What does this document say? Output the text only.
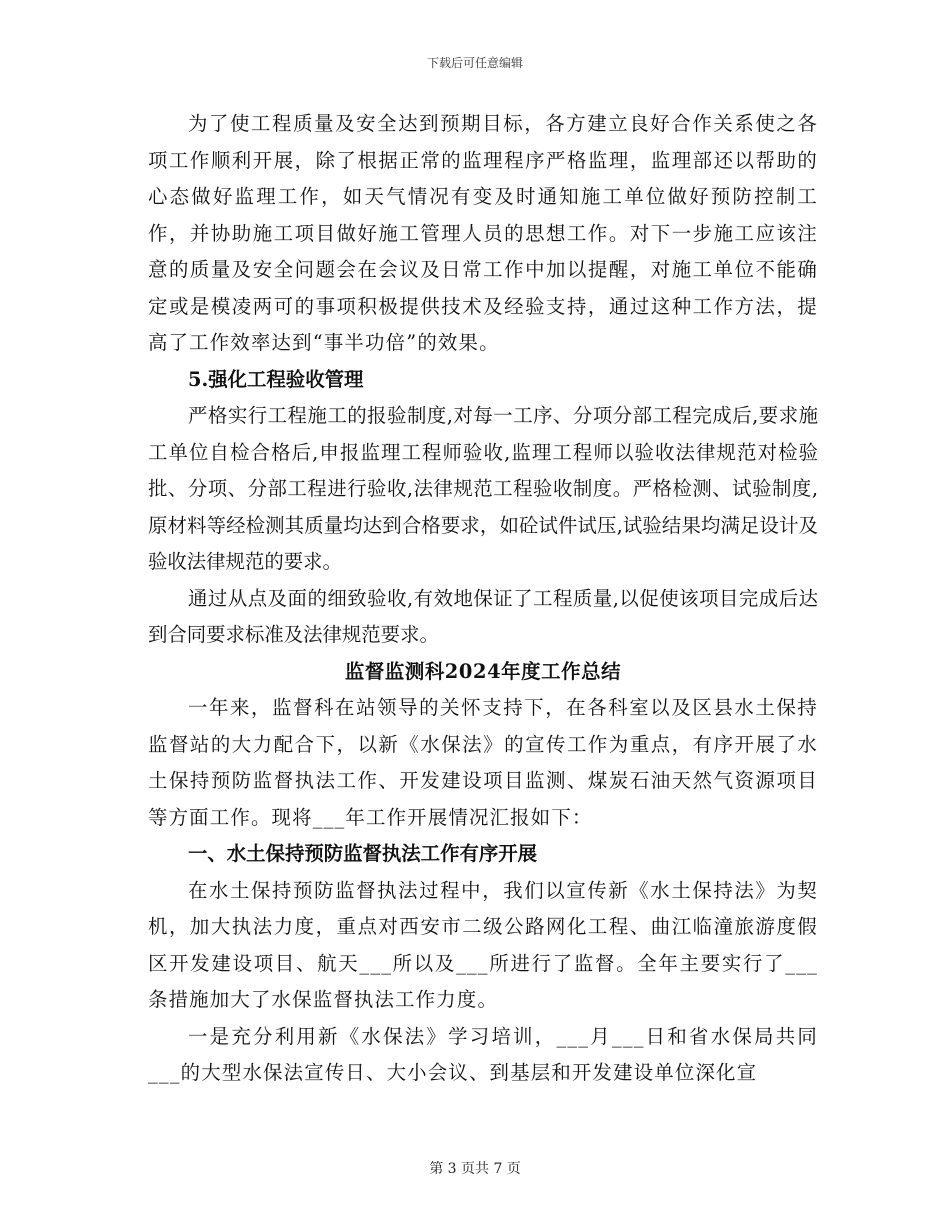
下载后可任意编辑

为了使工程质量及安全达到预期目标，各方建立良好合作关系使之各项工作顺利开展，除了根据正常的监理程序严格监理，监理部还以帮助的心态做好监理工作，如天气情况有变及时通知施工单位做好预防控制工作，并协助施工项目做好施工管理人员的思想工作。对下一步施工应该注意的质量及安全问题会在会议及日常工作中加以提醒，对施工单位不能确定或是模凌两可的事项积极提供技术及经验支持，通过这种工作方法，提高了工作效率达到“事半功倍”的效果。

5.强化工程验收管理

严格实行工程施工的报验制度,对每一工序、分项分部工程完成后,要求施工单位自检合格后,申报监理工程师验收,监理工程师以验收法律规范对检验批、分项、分部工程进行验收,法律规范工程验收制度。严格检测、试验制度,原材料等经检测其质量均达到合格要求，如砼试件试压,试验结果均满足设计及验收法律规范的要求。

通过从点及面的细致验收,有效地保证了工程质量,以促使该项目完成后达到合同要求标准及法律规范要求。

监督监测科2024年度工作总结

一年来，监督科在站领导的关怀支持下，在各科室以及区县水土保持监督站的大力配合下，以新《水保法》的宣传工作为重点，有序开展了水土保持预防监督执法工作、开发建设项目监测、煤炭石油天然气资源项目等方面工作。现将___年工作开展情况汇报如下：

一、水土保持预防监督执法工作有序开展

在水土保持预防监督执法过程中，我们以宣传新《水土保持法》为契机，加大执法力度，重点对西安市二级公路网化工程、曲江临潼旅游度假区开发建设项目、航天___所以及___所进行了监督。全年主要实行了___条措施加大了水保监督执法工作力度。

一是充分利用新《水保法》学习培训，___月___日和省水保局共同___的大型水保法宣传日、大小会议、到基层和开发建设单位深化宣

第 3 页共 7 页
